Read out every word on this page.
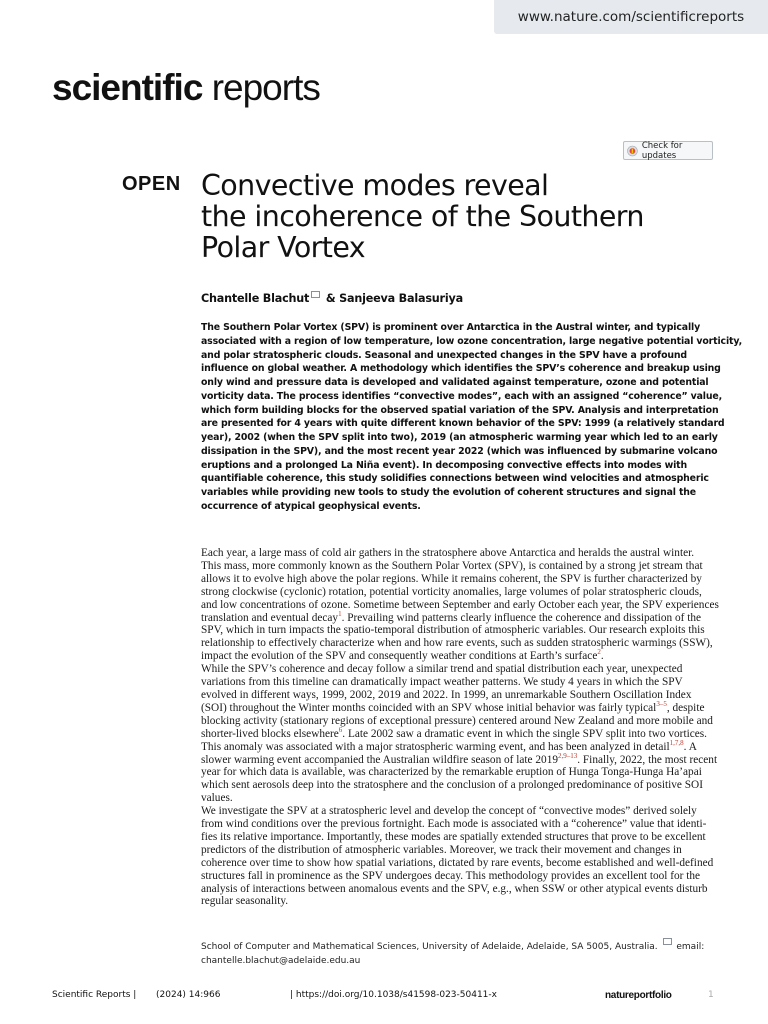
www.nature.com/scientificreports
scientific reports
Check for updates
OPEN Convective modes reveal
the incoherence of the Southern
Polar Vortex
Chantelle Blachut & Sanjeeva Balasuriya
The Southern Polar Vortex (SPV) is prominent over Antarctica in the Austral winter, and typically
associated with a region of low temperature, low ozone concentration, large negative potential vorticity,
and polar stratospheric clouds. Seasonal and unexpected changes in the SPV have a profound
influence on global weather. A methodology which identifies the SPV’s coherence and breakup using
only wind and pressure data is developed and validated against temperature, ozone and potential
vorticity data. The process identifies “convective modes”, each with an assigned “coherence” value,
which form building blocks for the observed spatial variation of the SPV. Analysis and interpretation
are presented for 4 years with quite different known behavior of the SPV: 1999 (a relatively standard
year), 2002 (when the SPV split into two), 2019 (an atmospheric warming year which led to an early
dissipation in the SPV), and the most recent year 2022 (which was influenced by submarine volcano
eruptions and a prolonged La Niña event). In decomposing convective effects into modes with
quantifiable coherence, this study solidifies connections between wind velocities and atmospheric
variables while providing new tools to study the evolution of coherent structures and signal the
occurrence of atypical geophysical events.
Each year, a large mass of cold air gathers in the stratosphere above Antarctica and heralds the austral winter.
This mass, more commonly known as the Southern Polar Vortex (SPV), is contained by a strong jet stream that
allows it to evolve high above the polar regions. While it remains coherent, the SPV is further characterized by
strong clockwise (cyclonic) rotation, potential vorticity anomalies, large volumes of polar stratospheric clouds,
and low concentrations of ozone. Sometime between September and early October each year, the SPV experiences
translation and eventual decay$^1$. Prevailing wind patterns clearly influence the coherence and dissipation of the
SPV, which in turn impacts the spatio-temporal distribution of atmospheric variables. Our research exploits this
relationship to effectively characterize when and how rare events, such as sudden stratospheric warmings (SSW),
impact the evolution of the SPV and consequently weather conditions at Earth’s surface$^2$.
While the SPV’s coherence and decay follow a similar trend and spatial distribution each year, unexpected
variations from this timeline can dramatically impact weather patterns. We study 4 years in which the SPV
evolved in different ways, 1999, 2002, 2019 and 2022. In 1999, an unremarkable Southern Oscillation Index
(SOI) throughout the Winter months coincided with an SPV whose initial behavior was fairly typical$^{3-5}$, despite
blocking activity (stationary regions of exceptional pressure) centered around New Zealand and more mobile and
shorter-lived blocks elsewhere$^6$. Late 2002 saw a dramatic event in which the single SPV split into two vortices.
This anomaly was associated with a major stratospheric warming event, and has been analyzed in detail$^{1,7,8}$. A
slower warming event accompanied the Australian wildfire season of late 2019$^{2,9-13}$. Finally, 2022, the most recent
year for which data is available, was characterized by the remarkable eruption of Hunga Tonga-Hunga Ha’apai
which sent aerosols deep into the stratosphere and the conclusion of a prolonged predominance of positive SOI
values.
We investigate the SPV at a stratospheric level and develop the concept of “convective modes” derived solely
from wind conditions over the previous fortnight. Each mode is associated with a “coherence” value that identi-
fies its relative importance. Importantly, these modes are spatially extended structures that prove to be excellent
predictors of the distribution of atmospheric variables. Moreover, we track their movement and changes in
coherence over time to show how spatial variations, dictated by rare events, become established and well-defined
structures fall in prominence as the SPV undergoes decay. This methodology provides an excellent tool for the
analysis of interactions between anomalous events and the SPV, e.g., when SSW or other atypical events disturb
regular seasonality.
School of Computer and Mathematical Sciences, University of Adelaide, Adelaide, SA 5005, Australia. email:
chantelle.blachut@adelaide.edu.au
Scientific Reports | (2024) 14:966	| https://doi.org/10.1038/s41598-023-50411-x	natureportfolio	1
